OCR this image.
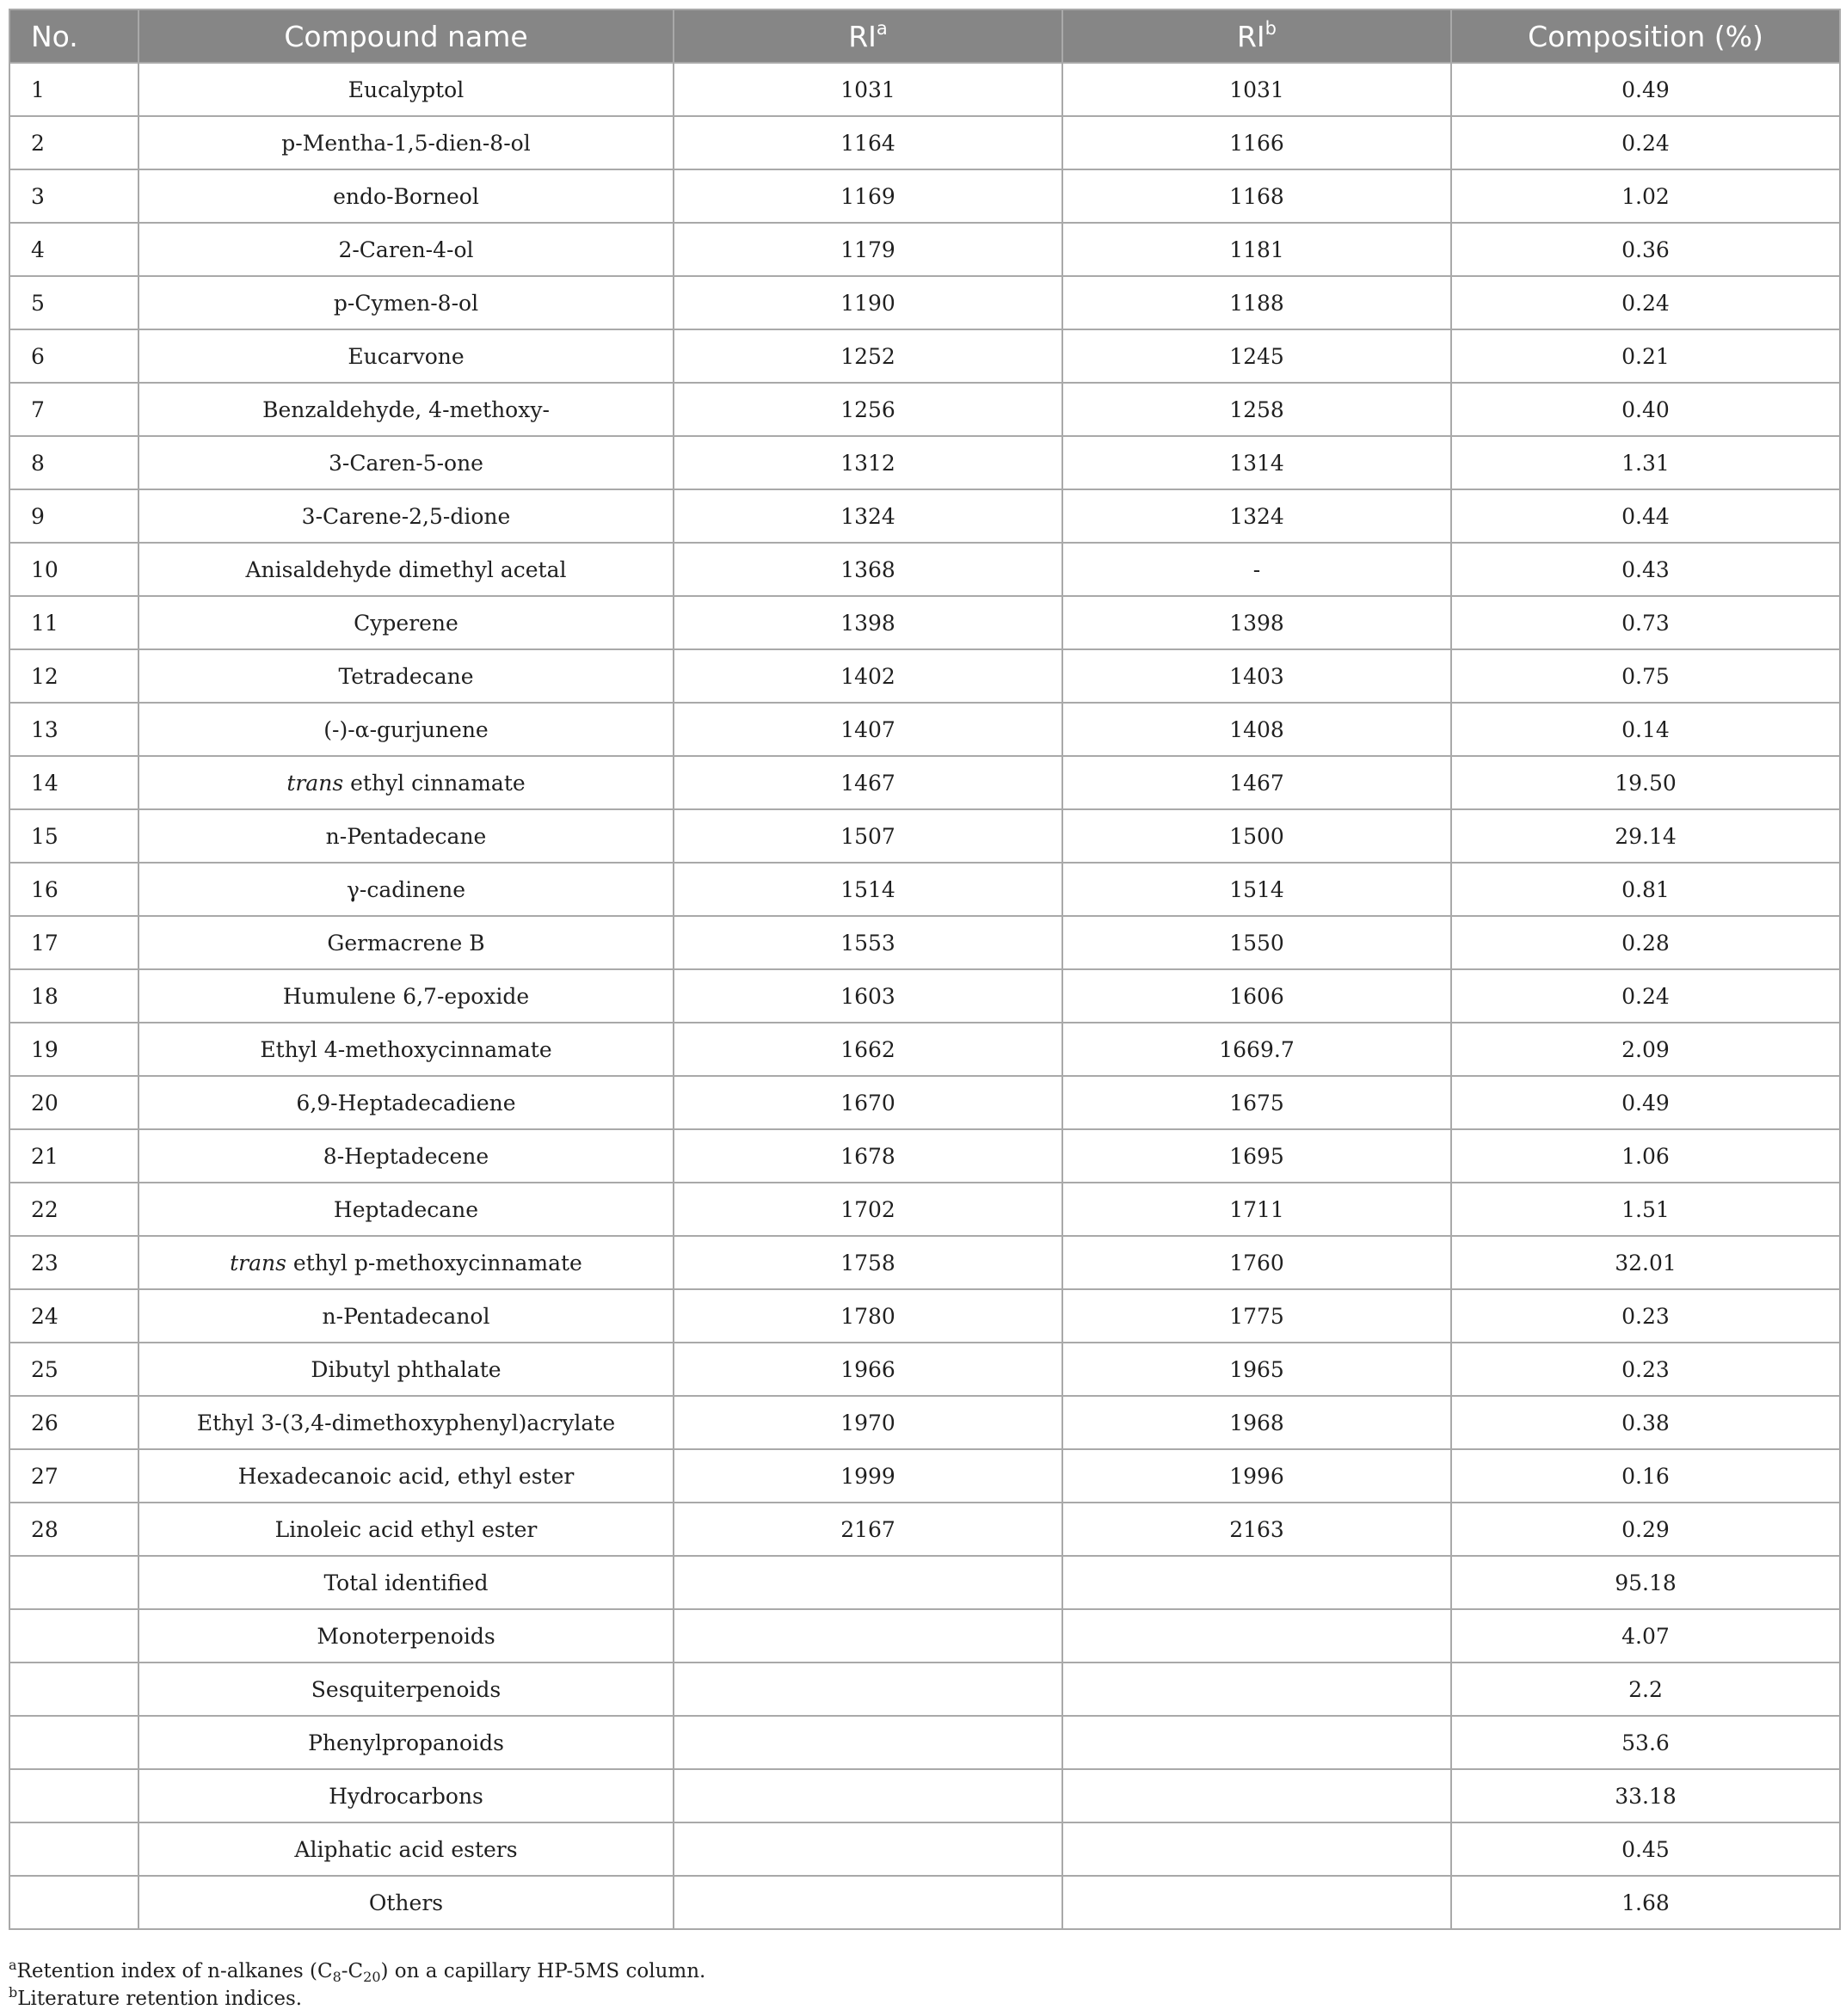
No.	Compound name	$RI^a$	$RI^b$	Composition (%)
1	Eucalyptol	1031	1031	0.49
2	p-Mentha-1,5-dien-8-ol	1164	1166	0.24
3	endo-Borneol	1169	1168	1.02
4	2-Caren-4-ol	1179	1181	0.36
5	p-Cymen-8-ol	1190	1188	0.24
6	Eucarvone	1252	1245	0.21
7	Benzaldehyde, 4-methoxy-	1256	1258	0.40
8	3-Caren-5-one	1312	1314	1.31
9	3-Carene-2,5-dione	1324	1324	0.44
10	Anisaldehyde dimethyl acetal	1368	-	0.43
11	Cyperene	1398	1398	0.73
12	Tetradecane	1402	1403	0.75
13	(-)-α-gurjunene	1407	1408	0.14
14	trans ethyl cinnamate	1467	1467	19.50
15	n-Pentadecane	1507	1500	29.14
16	γ-cadinene	1514	1514	0.81
17	Germacrene B	1553	1550	0.28
18	Humulene 6,7-epoxide	1603	1606	0.24
19	Ethyl 4-methoxycinnamate	1662	1669.7	2.09
20	6,9-Heptadecadiene	1670	1675	0.49
21	8-Heptadecene	1678	1695	1.06
22	Heptadecane	1702	1711	1.51
23	trans ethyl p-methoxycinnamate	1758	1760	32.01
24	n-Pentadecanol	1780	1775	0.23
25	Dibutyl phthalate	1966	1965	0.23
26	Ethyl 3-(3,4-dimethoxyphenyl)acrylate	1970	1968	0.38
27	Hexadecanoic acid, ethyl ester	1999	1996	0.16
28	Linoleic acid ethyl ester	2167	2163	0.29
	Total identified			95.18
	Monoterpenoids			4.07
	Sesquiterpenoids			2.2
	Phenylpropanoids			53.6
	Hydrocarbons			33.18
	Aliphatic acid esters			0.45
	Others			1.68
$^a$Retention index of n-alkanes $(C_8-C_{20})$ on a capillary HP-5MS column.
$^b$Literature retention indices.
